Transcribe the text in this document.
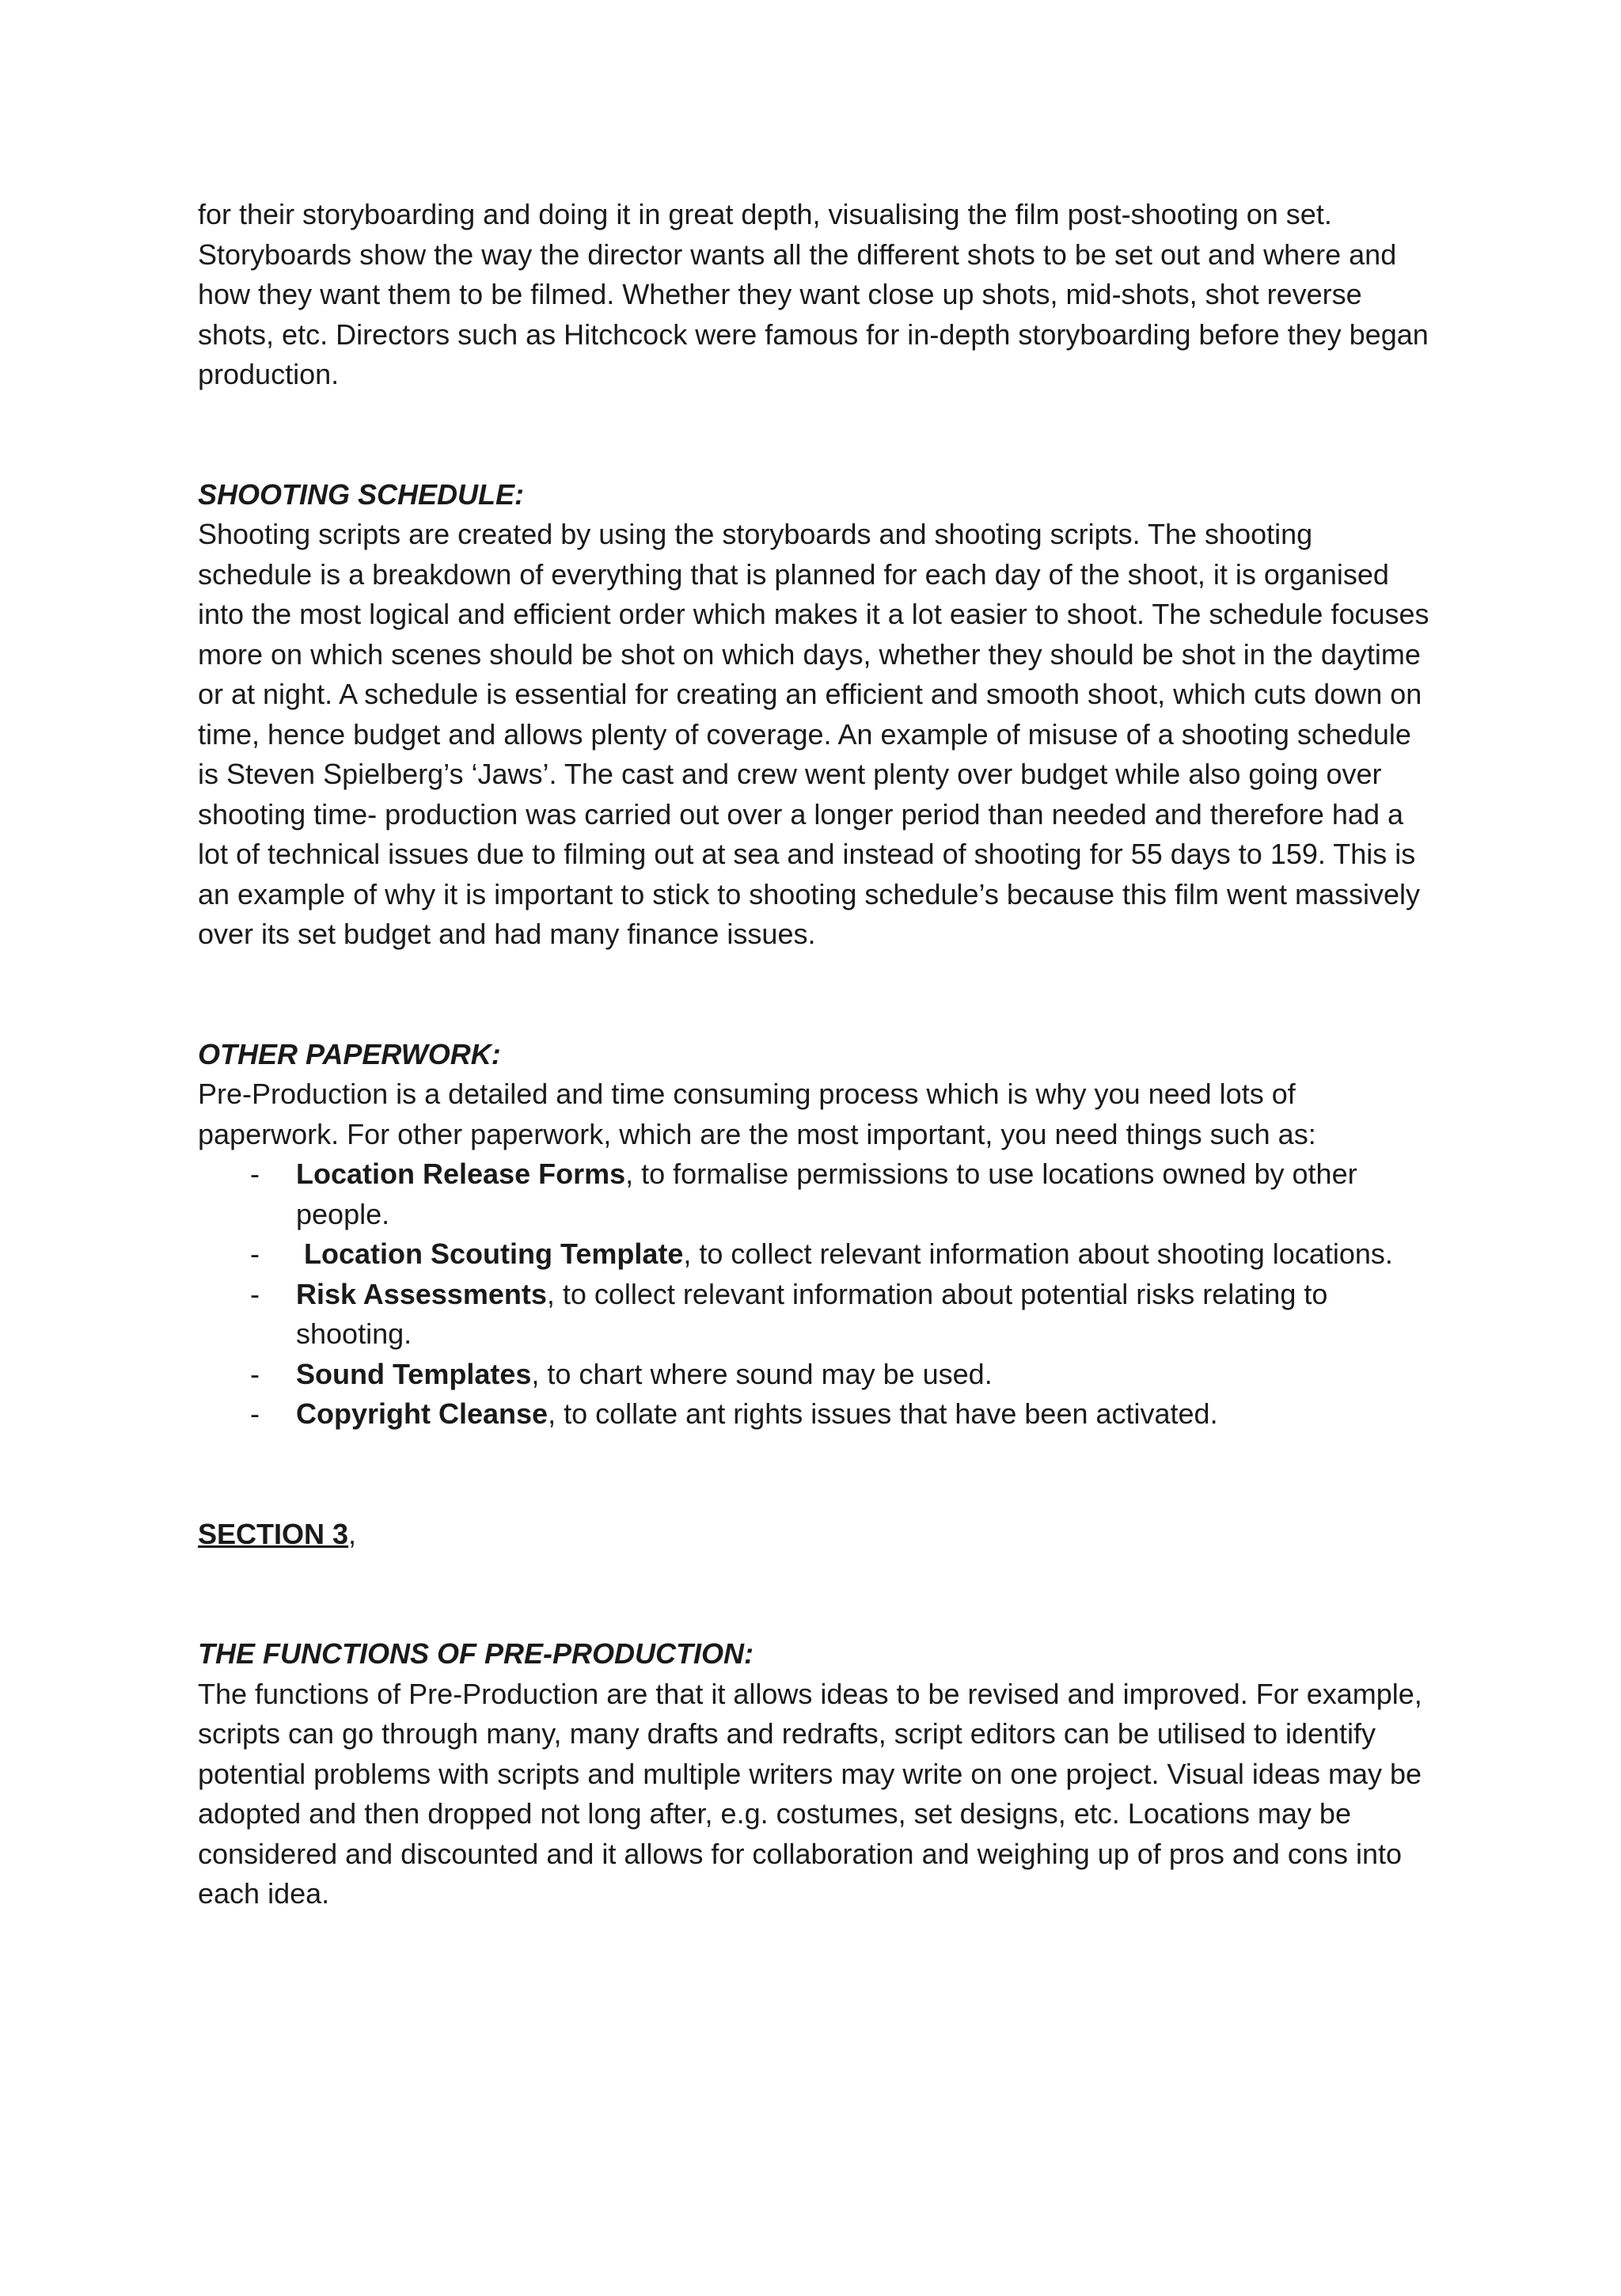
for their storyboarding and doing it in great depth, visualising the film post-shooting on set. Storyboards show the way the director wants all the different shots to be set out and where and how they want them to be filmed. Whether they want close up shots, mid-shots, shot reverse shots, etc. Directors such as Hitchcock were famous for in-depth storyboarding before they began production.

SHOOTING SCHEDULE:

Shooting scripts are created by using the storyboards and shooting scripts. The shooting schedule is a breakdown of everything that is planned for each day of the shoot, it is organised into the most logical and efficient order which makes it a lot easier to shoot. The schedule focuses more on which scenes should be shot on which days, whether they should be shot in the daytime or at night. A schedule is essential for creating an efficient and smooth shoot, which cuts down on time, hence budget and allows plenty of coverage. An example of misuse of a shooting schedule is Steven Spielberg’s ‘Jaws’. The cast and crew went plenty over budget while also going over shooting time- production was carried out over a longer period than needed and therefore had a lot of technical issues due to filming out at sea and instead of shooting for 55 days to 159. This is an example of why it is important to stick to shooting schedule’s because this film went massively over its set budget and had many finance issues.

OTHER PAPERWORK:

Pre-Production is a detailed and time consuming process which is why you need lots of paperwork. For other paperwork, which are the most important, you need things such as:

- Location Release Forms, to formalise permissions to use locations owned by other people.
- Location Scouting Template, to collect relevant information about shooting locations.
- Risk Assessments, to collect relevant information about potential risks relating to shooting.
- Sound Templates, to chart where sound may be used.
- Copyright Cleanse, to collate ant rights issues that have been activated.

SECTION 3,

THE FUNCTIONS OF PRE-PRODUCTION:

The functions of Pre-Production are that it allows ideas to be revised and improved. For example, scripts can go through many, many drafts and redrafts, script editors can be utilised to identify potential problems with scripts and multiple writers may write on one project. Visual ideas may be adopted and then dropped not long after, e.g. costumes, set designs, etc. Locations may be considered and discounted and it allows for collaboration and weighing up of pros and cons into each idea.
